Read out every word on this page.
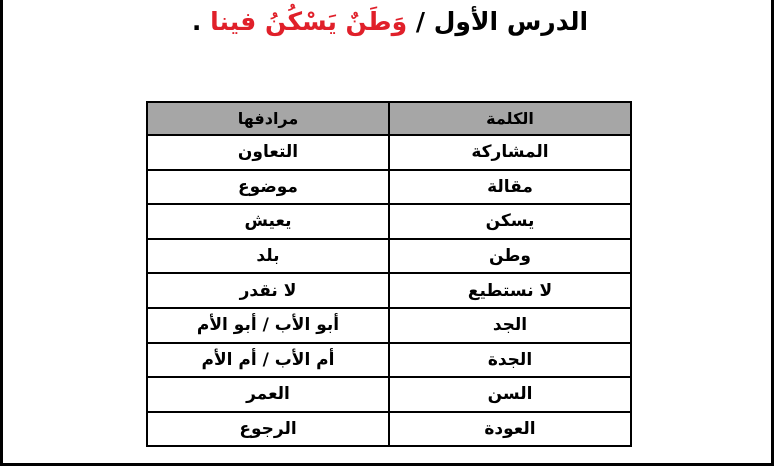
الدرس الأول / وَطَنٌ يَسْكُنُ فينا .
الكلمة	مرادفها
المشاركة	التعاون
مقالة	موضوع
يسكن	يعيش
وطن	بلد
لا نستطيع	لا نقدر
الجد	أبو الأب / أبو الأم
الجدة	أم الأب / أم الأم
السن	العمر
العودة	الرجوع
